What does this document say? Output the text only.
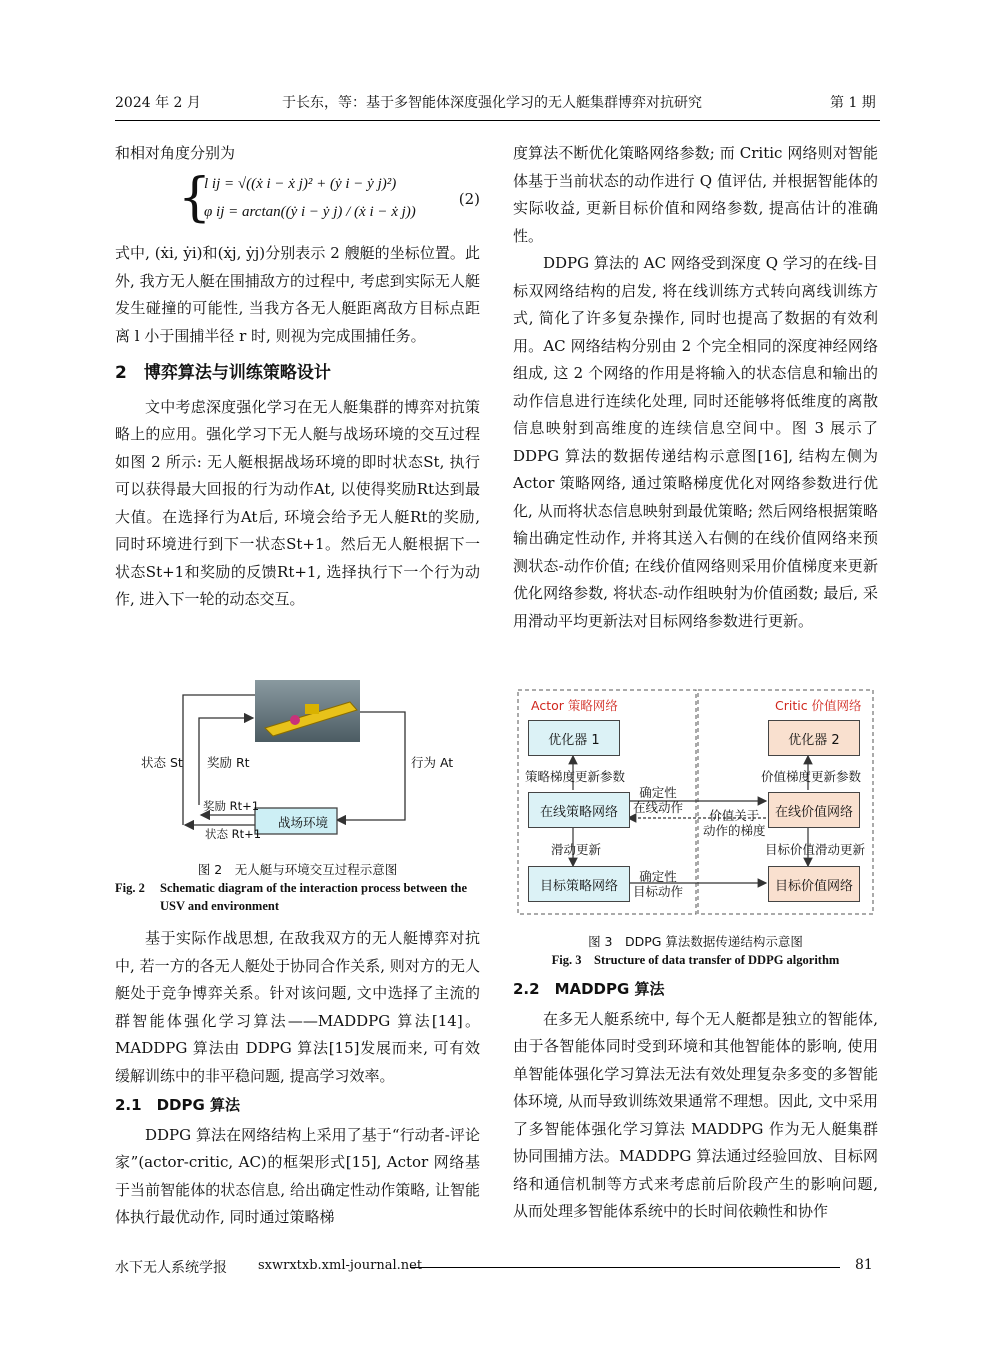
2024 年 2 月	于长东，等：基于多智能体深度强化学习的无人艇集群博弈对抗研究	第 1 期

和相对角度分别为

{
l ij = √((ẋ i − ẋ j)² + (ẏ i − ẏ j)²)
φ ij = arctan((ẏ i − ẏ j) / (ẋ i − ẋ j))
(2)

式中, (ẋi, ẏi)和(ẋj, ẏj)分别表示 2 艘艇的坐标位置。此外, 我方无人艇在围捕敌方的过程中, 考虑到实际无人艇发生碰撞的可能性, 当我方各无人艇距离敌方目标点距离 l 小于围捕半径 r 时, 则视为完成围捕任务。

2　博弈算法与训练策略设计

文中考虑深度强化学习在无人艇集群的博弈对抗策略上的应用。强化学习下无人艇与战场环境的交互过程如图 2 所示: 无人艇根据战场环境的即时状态St, 执行可以获得最大回报的行为动作At, 以使得奖励Rt达到最大值。在选择行为At后, 环境会给予无人艇Rt的奖励, 同时环境进行到下一状态St+1。然后无人艇根据下一状态St+1和奖励的反馈Rt+1, 选择执行下一个行为动作, 进入下一轮的动态交互。

状态 St 奖励 Rt	行为 At
奖励 Rt+1
状态 Rt+1
战场环境
图 2　无人艇与环境交互过程示意图
Fig. 2	Schematic diagram of the interaction process between the USV and environment

基于实际作战思想, 在敌我双方的无人艇博弈对抗中, 若一方的各无人艇处于协同合作关系, 则对方的无人艇处于竞争博弈关系。针对该问题, 文中选择了主流的群智能体强化学习算法——MADDPG 算法[14]。MADDPG 算法由 DDPG 算法[15]发展而来, 可有效缓解训练中的非平稳问题, 提高学习效率。

2.1　DDPG 算法

DDPG 算法在网络结构上采用了基于“行动者-评论家”(actor-critic, AC)的框架形式[15], Actor 网络基于当前智能体的状态信息, 给出确定性动作策略, 让智能体执行最优动作, 同时通过策略梯

度算法不断优化策略网络参数; 而 Critic 网络则对智能体基于当前状态的动作进行 Q 值评估, 并根据智能体的实际收益, 更新目标价值和网络参数, 提高估计的准确性。

DDPG 算法的 AC 网络受到深度 Q 学习的在线-目标双网络结构的启发, 将在线训练方式转向离线训练方式, 简化了许多复杂操作, 同时也提高了数据的有效利用。AC 网络结构分别由 2 个完全相同的深度神经网络组成, 这 2 个网络的作用是将输入的状态信息和输出的动作信息进行连续化处理, 同时还能够将低维度的离散信息映射到高维度的连续信息空间中。图 3 展示了 DDPG 算法的数据传递结构示意图[16], 结构左侧为 Actor 策略网络, 通过策略梯度优化对网络参数进行优化, 从而将状态信息映射到最优策略; 然后网络根据策略输出确定性动作, 并将其送入右侧的在线价值网络来预测状态-动作价值; 在线价值网络则采用价值梯度来更新优化网络参数, 将状态-动作组映射为价值函数; 最后, 采用滑动平均更新法对目标网络参数进行更新。

Actor 策略网络	Critic 价值网络
优化器 1	优化器 2
策略梯度更新参数	价值梯度更新参数
在线策略网络	在线价值网络
确定性
在线动作
价值关于
动作的梯度
滑动更新	目标价值滑动更新
目标策略网络	目标价值网络
确定性
目标动作
图 3　DDPG 算法数据传递结构示意图
Fig. 3　Structure of data transfer of DDPG algorithm

2.2　MADDPG 算法

在多无人艇系统中, 每个无人艇都是独立的智能体, 由于各智能体同时受到环境和其他智能体的影响, 使用单智能体强化学习算法无法有效处理复杂多变的多智能体环境, 从而导致训练效果通常不理想。因此, 文中采用了多智能体强化学习算法 MADDPG 作为无人艇集群协同围捕方法。MADDPG 算法通过经验回放、目标网络和通信机制等方式来考虑前后阶段产生的影响问题, 从而处理多智能体系统中的长时间依赖性和协作

水下无人系统学报 sxwrxtxb.xml-journal.net	81
